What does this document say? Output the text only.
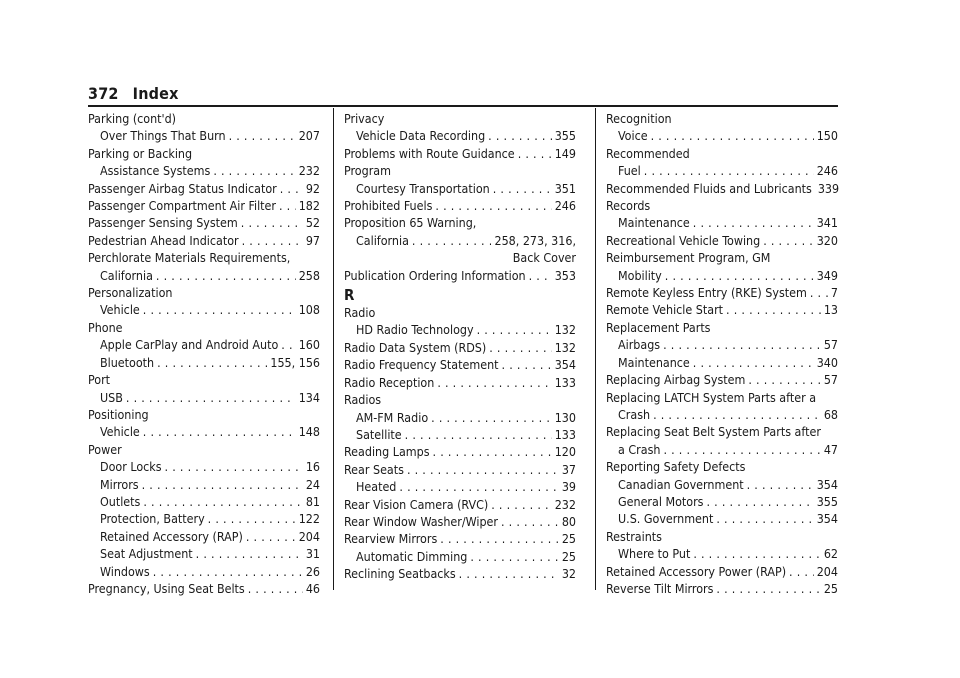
372 Index
Parking (cont'd)
Over Things That Burn . . .	207
Parking or Backing
Assistance Systems . . .	232
Passenger Airbag Status Indicator . . . 92
Passenger Compartment Air Filter . . . 182
Passenger Sensing System . . .	52
Pedestrian Ahead Indicator . . .	97
Perchlorate Materials Requirements,
California . . .	258
Personalization
Vehicle . . .	108
Phone
Apple CarPlay and Android Auto . . . 160
Bluetooth . . .	155, 156
Port
USB . . .	134
Positioning
Vehicle . . .	148
Power
Door Locks . . .	16
Mirrors . . .	24
Outlets . . .	81
Protection, Battery . . .	122
Retained Accessory (RAP) . . .	204
Seat Adjustment . . .	31
Windows . . .	26
Pregnancy, Using Seat Belts . . .	46
Privacy
Vehicle Data Recording . . .	355
Problems with Route Guidance . . .	149
Program
Courtesy Transportation . . .	351
Prohibited Fuels . . .	246
Proposition 65 Warning,
California . . .	258, 273, 316,
Back Cover
Publication Ordering Information . . . 353
R
Radio
HD Radio Technology . . .	132
Radio Data System (RDS) . . .	132
Radio Frequency Statement . . .	354
Radio Reception . . .	133
Radios
AM-FM Radio . . .	130
Satellite . . .	133
Reading Lamps . . .	120
Rear Seats . . .	37
Heated . . .	39
Rear Vision Camera (RVC) . . .	232
Rear Window Washer/Wiper . . .	80
Rearview Mirrors . . .	25
Automatic Dimming . . .	25
Reclining Seatbacks . . .	32
Recognition
Voice . . .	150
Recommended
Fuel . . .	246
Recommended Fluids and Lubricants 339
Records
Maintenance . . .	341
Recreational Vehicle Towing . . .	320
Reimbursement Program, GM
Mobility . . .	349
Remote Keyless Entry (RKE) System . . . 7
Remote Vehicle Start . . .	13
Replacement Parts
Airbags . . .	57
Maintenance . . .	340
Replacing Airbag System . . .	57
Replacing LATCH System Parts after a
Crash . . .	68
Replacing Seat Belt System Parts after
a Crash . . .	47
Reporting Safety Defects
Canadian Government . . .	354
General Motors . . .	355
U.S. Government . . .	354
Restraints
Where to Put . . .	62
Retained Accessory Power (RAP) . . . 204
Reverse Tilt Mirrors . . .	25
